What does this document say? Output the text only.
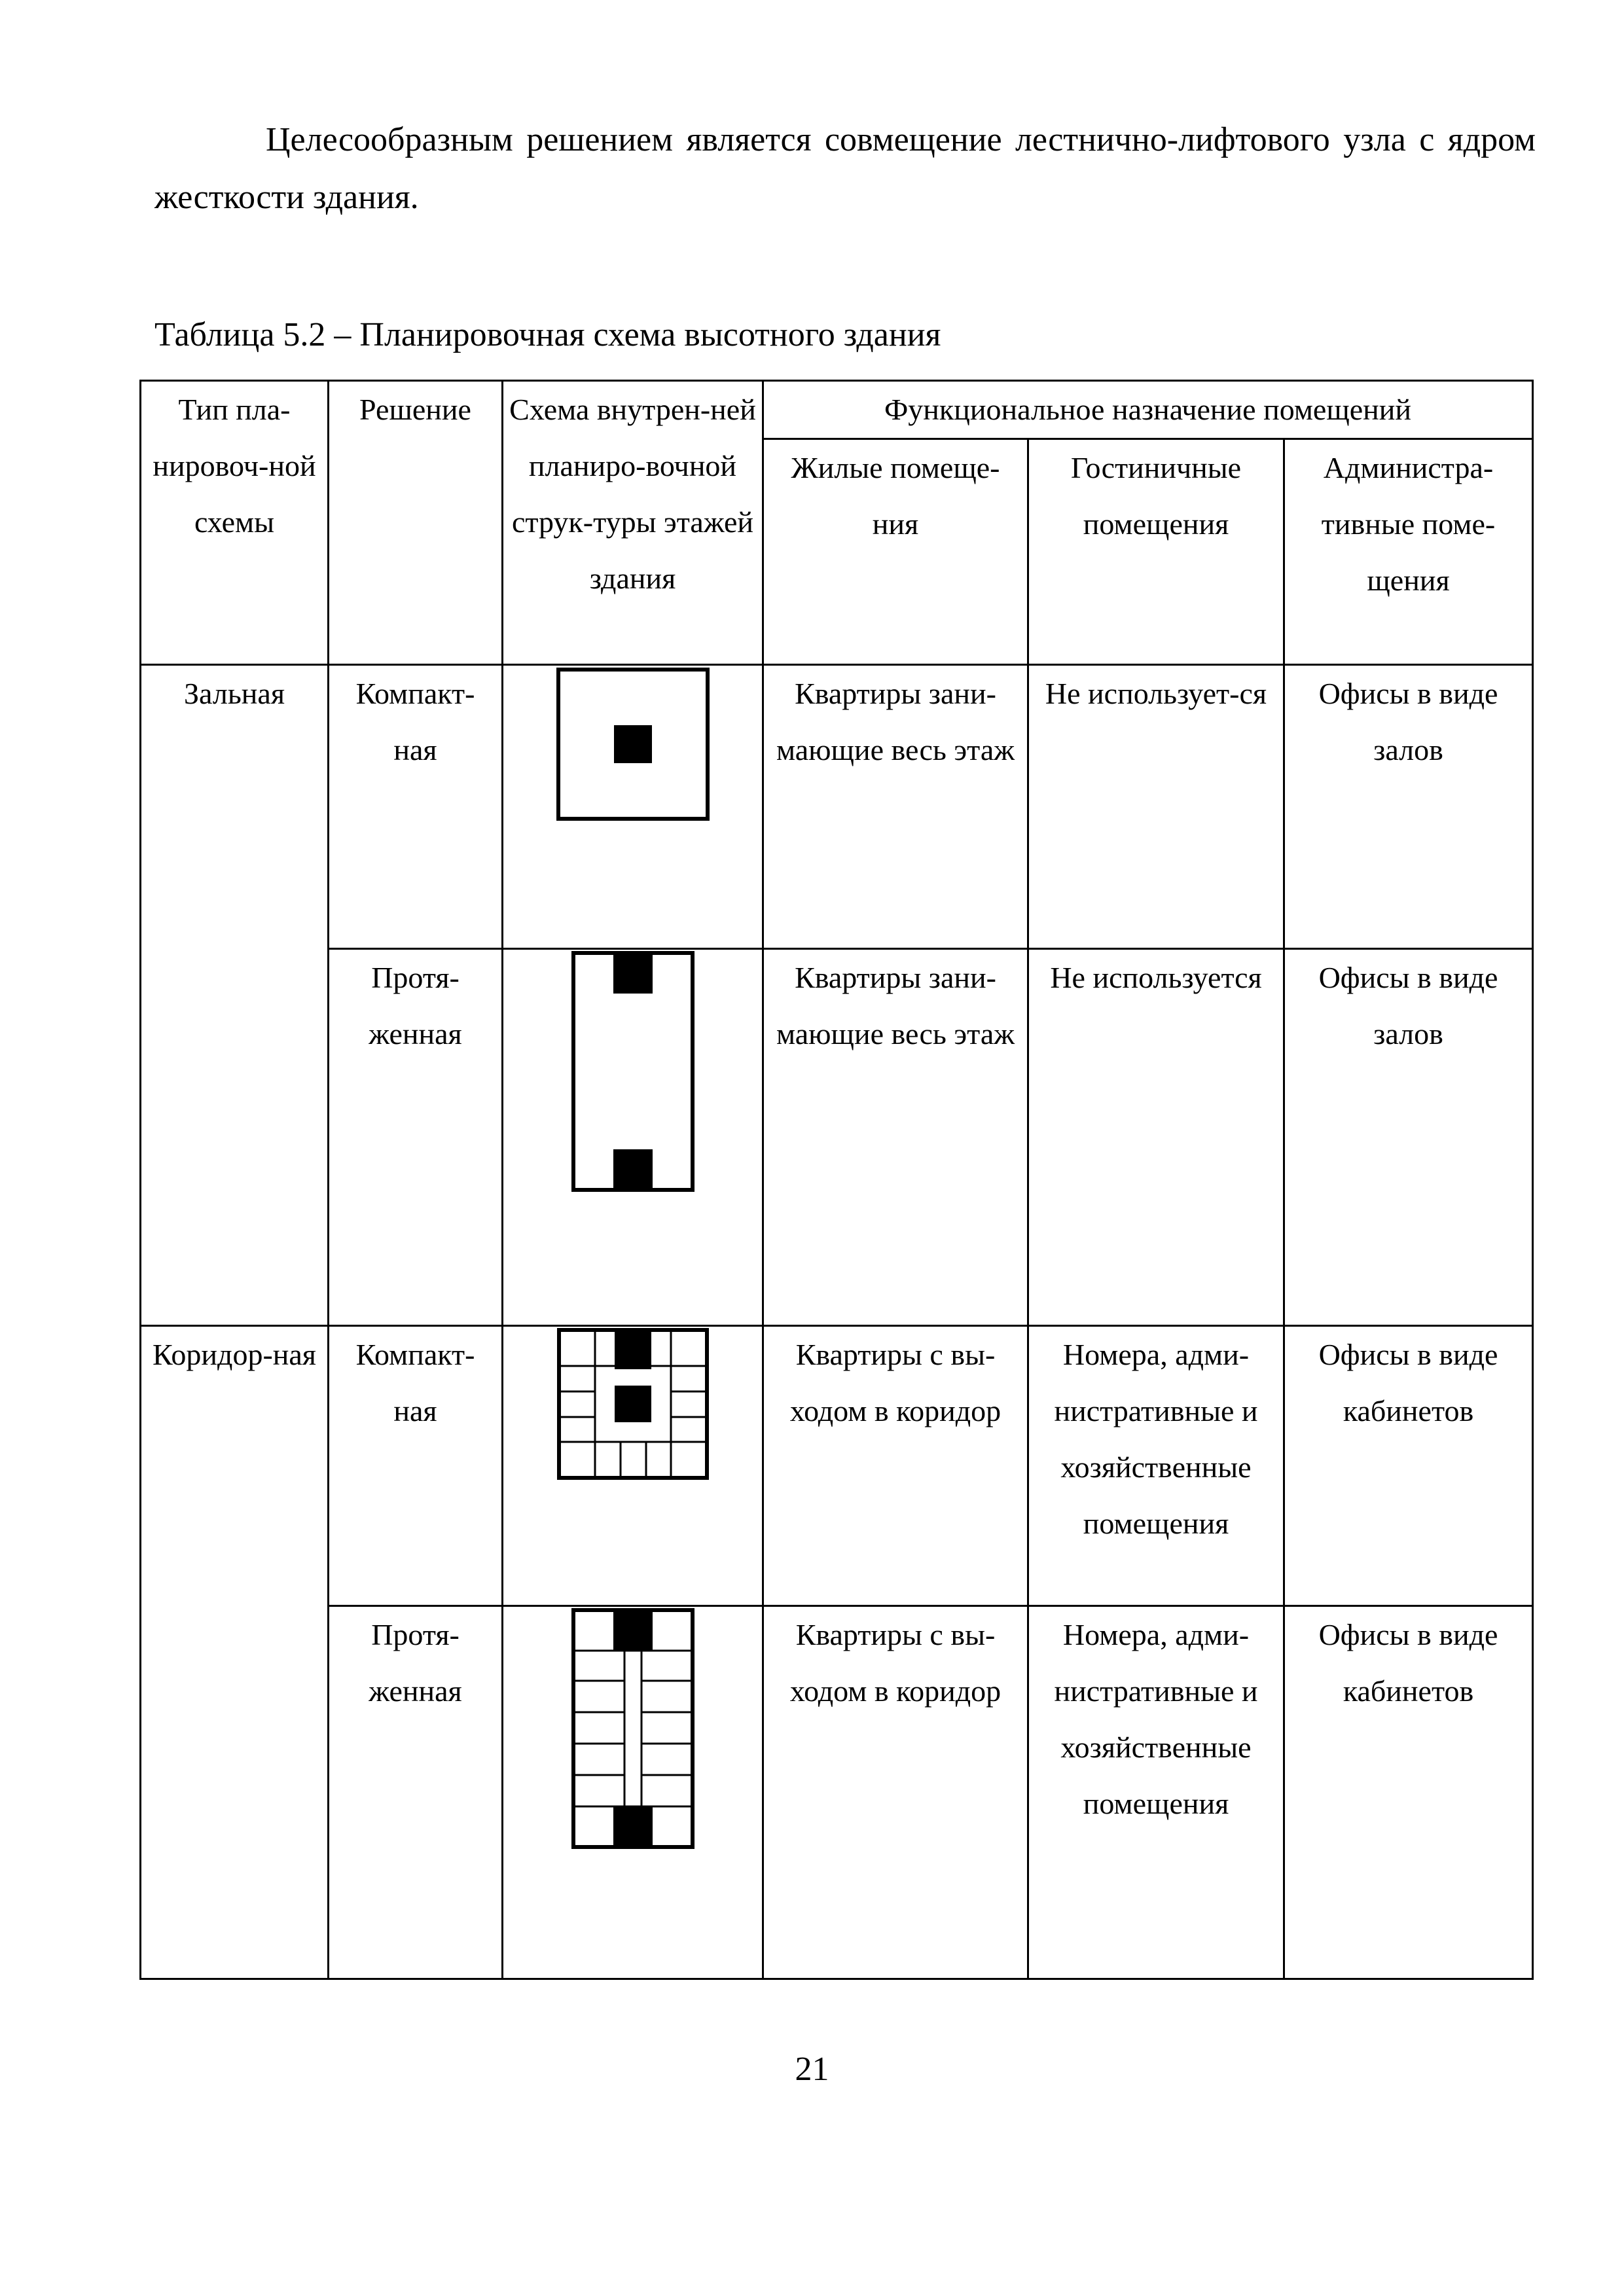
Целесообразным решением является совмещение лестнично-лифтового узла с ядром жесткости здания.

Таблица 5.2 – Планировочная схема высотного здания

Тип пла-нировоч-ной схемы	Решение	Схема внутрен-ней планиро-вочной струк-туры этажей здания	Функциональное назначение помещений		
			Жилые помеще-ния	Гостиничные помещения	Администра-тивные поме-щения
Зальная	Компакт-ная		Квартиры зани-мающие весь этаж	Не использует-ся	Офисы в виде залов
	Протя-женная		Квартиры зани-мающие весь этаж	Не используется	Офисы в виде залов
Коридор-ная	Компакт-ная		Квартиры с вы-ходом в коридор	Номера, адми-нистративные и хозяйственные помещения	Офисы в виде кабинетов
	Протя-женная		Квартиры с вы-ходом в коридор	Номера, адми-нистративные и хозяйственные помещения	Офисы в виде кабинетов

21
